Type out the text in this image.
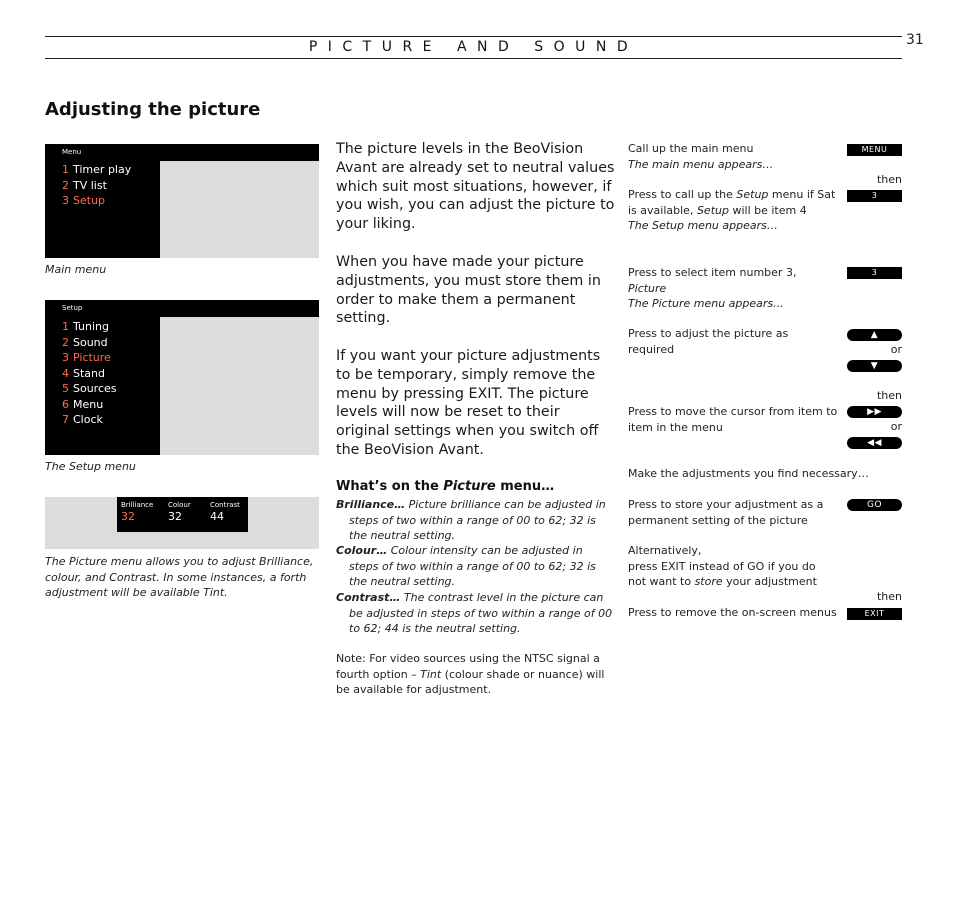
PICTURE AND SOUND	31
Adjusting the picture
Menu
1 Timer play
2 TV list
3 Setup
Main menu
Setup
1 Tuning
2 Sound
3 Picture
4 Stand
5 Sources
6 Menu
7 Clock
The Setup menu
Brilliance
32
Colour
32
Contrast
44
The Picture menu allows you to adjust Brilliance, colour, and Contrast. In some instances, a forth adjustment will be available Tint.
The picture levels in the BeoVision Avant are already set to neutral values which suit most situations, however, if you wish, you can adjust the picture to your liking.
When you have made your picture adjustments, you must store them in order to make them a permanent setting.
If you want your picture adjustments to be temporary, simply remove the menu by pressing EXIT. The picture levels will now be reset to their original settings when you switch off the BeoVision Avant.
What’s on the Picture menu…
Brilliance… Picture brilliance can be adjusted in steps of two within a range of 00 to 62; 32 is the neutral setting.
Colour… Colour intensity can be adjusted in steps of two within a range of 00 to 62; 32 is the neutral setting.
Contrast… The contrast level in the picture can be adjusted in steps of two within a range of 00 to 62; 44 is the neutral setting.
Note: For video sources using the NTSC signal a fourth option – Tint (colour shade or nuance) will be available for adjustment.
Call up the main menu
The main menu appears…
MENU
then
Press to call up the Setup menu if Sat is available, Setup will be item 4
The Setup menu appears…
3
Press to select item number 3,
Picture
The Picture menu appears...
3
Press to adjust the picture as required
▲
or
▼
then
Press to move the cursor from item to item in the menu
▶▶
or
◀◀
Make the adjustments you find necessary…
Press to store your adjustment as a permanent setting of the picture
GO
Alternatively,
press EXIT instead of GO if you do not want to store your adjustment
then
Press to remove the on-screen menus	EXIT
